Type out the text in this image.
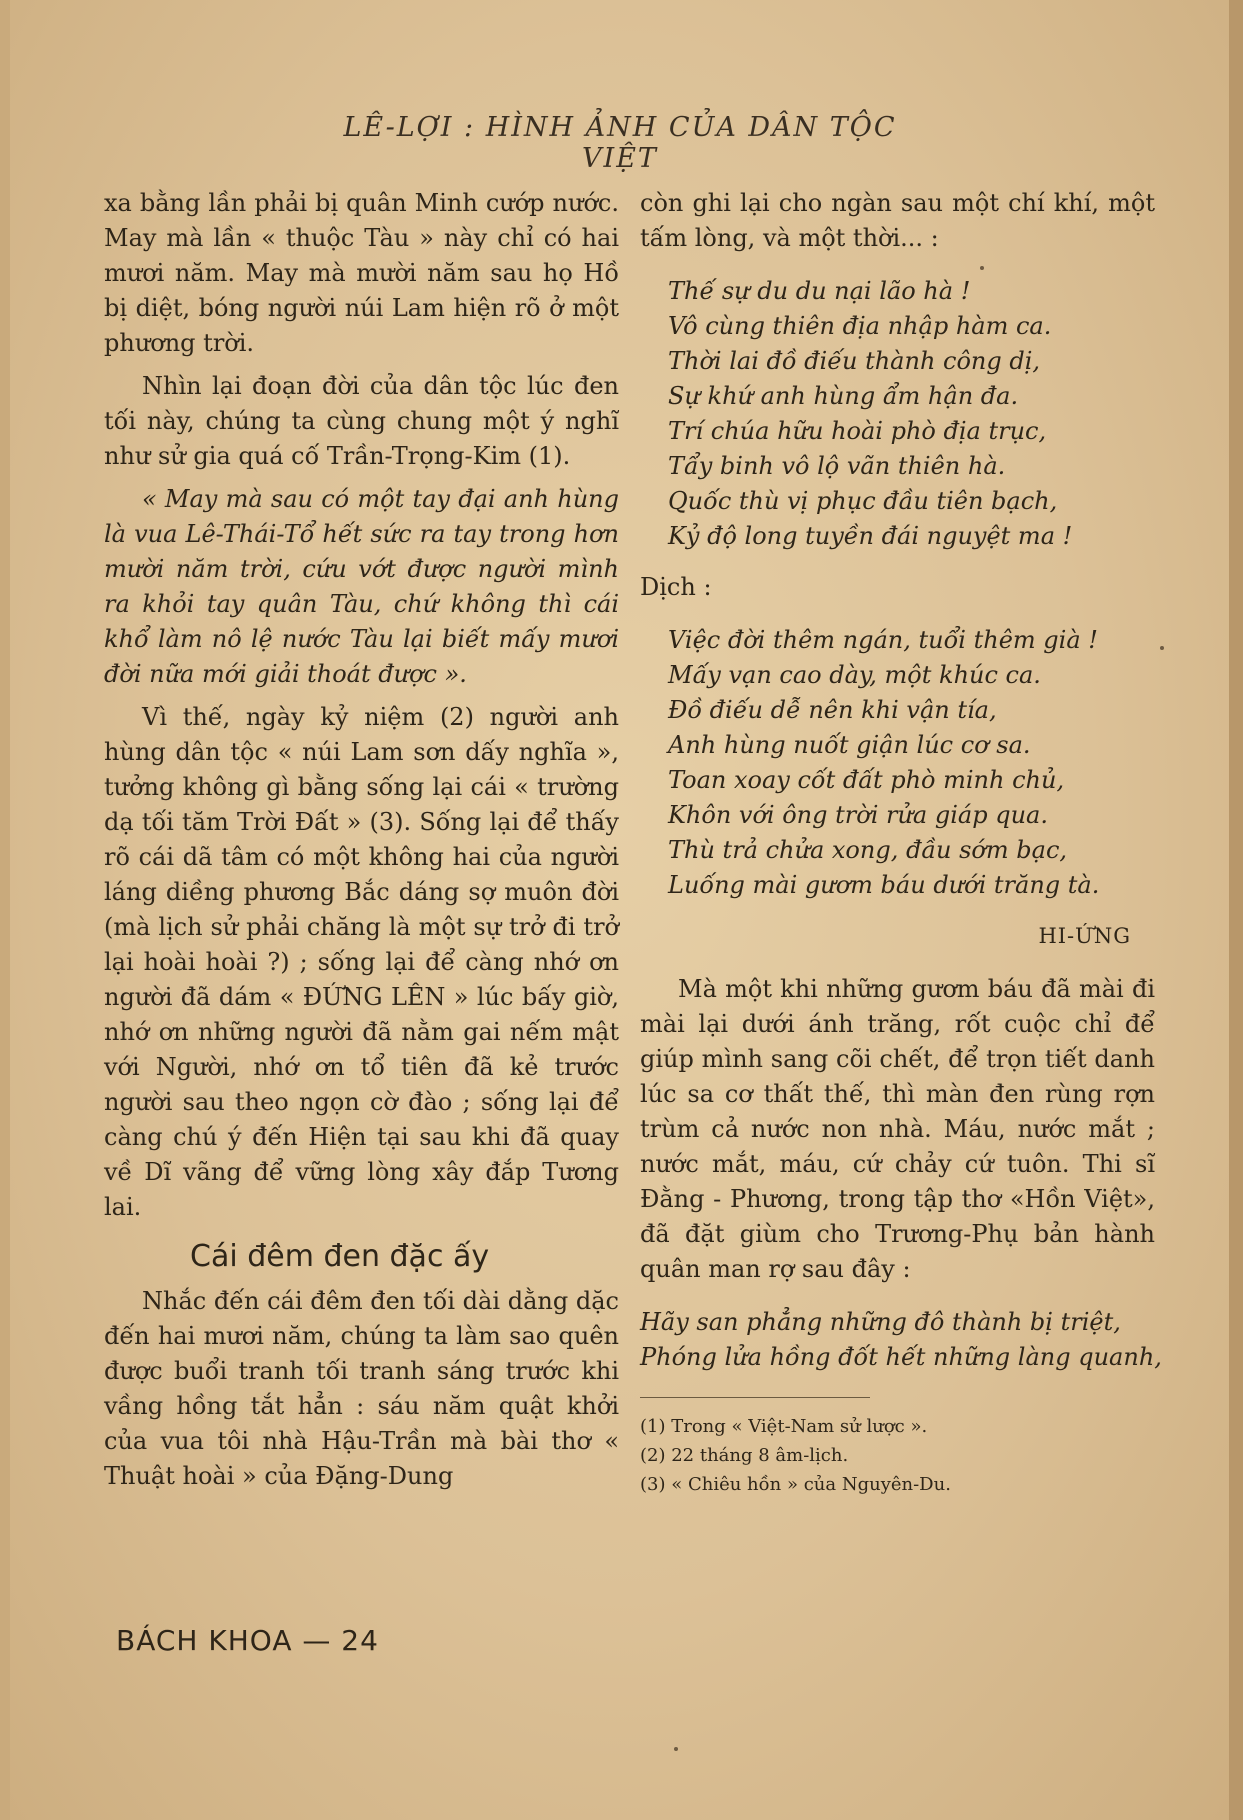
LÊ-LỢI : HÌNH ẢNH CỦA DÂN TỘC VIỆT

xa bằng lần phải bị quân Minh cướp nước. May mà lần « thuộc Tàu » này chỉ có hai mươi năm. May mà mười năm sau họ Hồ bị diệt, bóng người núi Lam hiện rõ ở một phương trời.

Nhìn lại đoạn đời của dân tộc lúc đen tối này, chúng ta cùng chung một ý nghĩ như sử gia quá cố Trần-Trọng-Kim (1).

« May mà sau có một tay đại anh hùng là vua Lê-Thái-Tổ hết sức ra tay trong hơn mười năm trời, cứu vớt được người mình ra khỏi tay quân Tàu, chứ không thì cái khổ làm nô lệ nước Tàu lại biết mấy mươi đời nữa mới giải thoát được ».

Vì thế, ngày kỷ niệm (2) người anh hùng dân tộc « núi Lam sơn dấy nghĩa », tưởng không gì bằng sống lại cái « trường dạ tối tăm Trời Đất » (3). Sống lại để thấy rõ cái dã tâm có một không hai của người láng diềng phương Bắc dáng sợ muôn đời (mà lịch sử phải chăng là một sự trở đi trở lại hoài hoài ?) ; sống lại để càng nhớ ơn người đã dám « ĐỨNG LÊN » lúc bấy giờ, nhớ ơn những người đã nằm gai nếm mật với Người, nhớ ơn tổ tiên đã kẻ trước người sau theo ngọn cờ đào ; sống lại để càng chú ý đến Hiện tại sau khi đã quay về Dĩ vãng để vững lòng xây đắp Tương lai.

Cái đêm đen đặc ấy

Nhắc đến cái đêm đen tối dài dằng dặc đến hai mươi năm, chúng ta làm sao quên được buổi tranh tối tranh sáng trước khi vầng hồng tắt hẳn : sáu năm quật khởi của vua tôi nhà Hậu-Trần mà bài thơ « Thuật hoài » của Đặng-Dung

còn ghi lại cho ngàn sau một chí khí, một tấm lòng, và một thời... :

Thế sự du du nại lão hà !
Vô cùng thiên địa nhập hàm ca.
Thời lai đồ điếu thành công dị,
Sự khứ anh hùng ẩm hận đa.
Trí chúa hữu hoài phò địa trục,
Tẩy binh vô lộ vãn thiên hà.
Quốc thù vị phục đầu tiên bạch,
Kỷ độ long tuyền đái nguyệt ma !
Dịch :
Việc đời thêm ngán, tuổi thêm già !
Mấy vạn cao dày, một khúc ca.
Đồ điếu dễ nên khi vận tía,
Anh hùng nuốt giận lúc cơ sa.
Toan xoay cốt đất phò minh chủ,
Khôn với ông trời rửa giáp qua.
Thù trả chửa xong, đầu sớm bạc,
Luống mài gươm báu dưới trăng tà.
HI-ỨNG

Mà một khi những gươm báu đã mài đi mài lại dưới ánh trăng, rốt cuộc chỉ để giúp mình sang cõi chết, để trọn tiết danh lúc sa cơ thất thế, thì màn đen rùng rợn trùm cả nước non nhà. Máu, nước mắt ; nước mắt, máu, cứ chảy cứ tuôn. Thi sĩ Đằng - Phương, trong tập thơ «Hồn Việt», đã đặt giùm cho Trương-Phụ bản hành quân man rợ sau đây :

Hãy san phẳng những đô thành bị triệt,
Phóng lửa hồng đốt hết những làng quanh,
(1) Trong « Việt-Nam sử lược ».
(2) 22 tháng 8 âm-lịch.
(3) « Chiêu hồn » của Nguyên-Du.
BÁCH KHOA — 24
